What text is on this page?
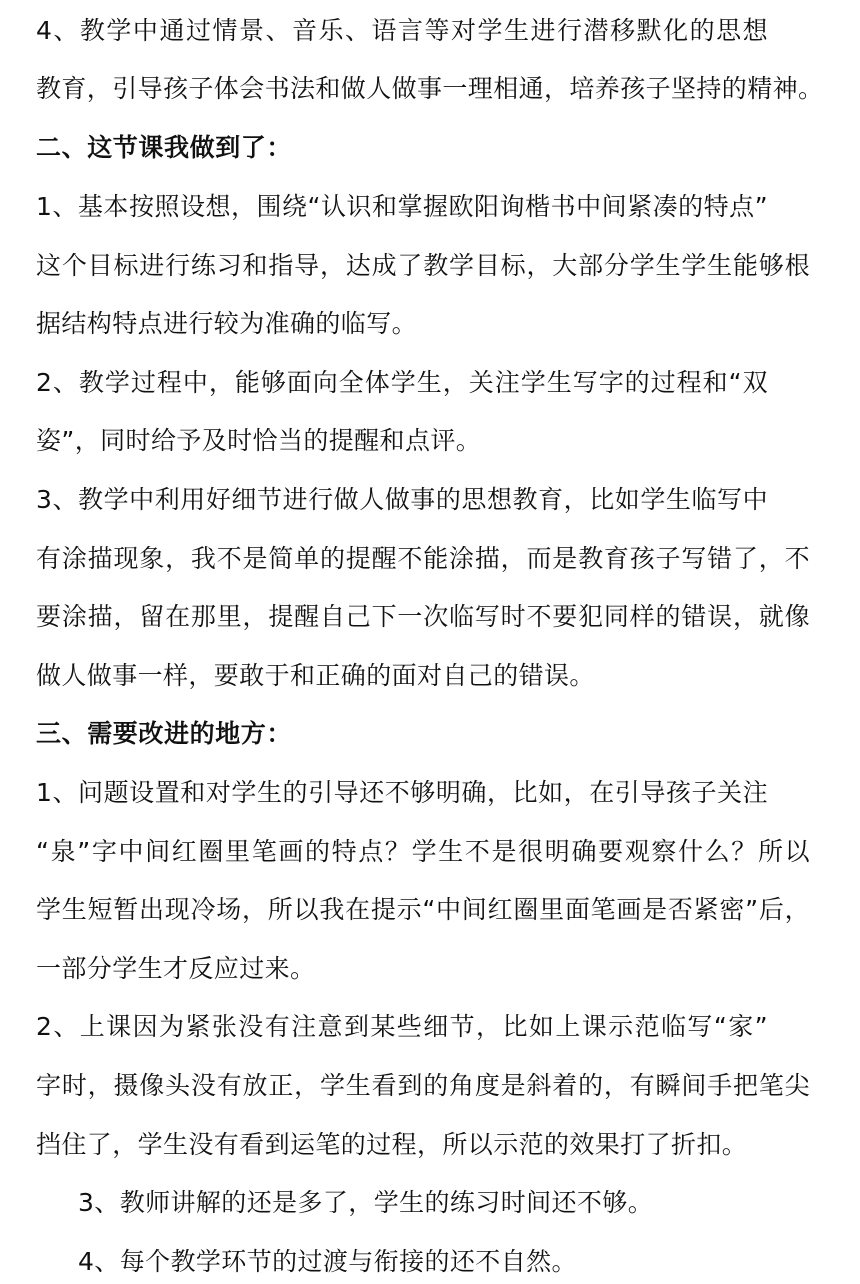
4、教学中通过情景、音乐、语言等对学生进行潜移默化的思想
教育，引导孩子体会书法和做人做事一理相通，培养孩子坚持的精神。
二、这节课我做到了：
1、基本按照设想，围绕“认识和掌握欧阳询楷书中间紧凑的特点”
这个目标进行练习和指导，达成了教学目标，大部分学生学生能够根
据结构特点进行较为准确的临写。
2、教学过程中，能够面向全体学生，关注学生写字的过程和“双
姿”，同时给予及时恰当的提醒和点评。
3、教学中利用好细节进行做人做事的思想教育，比如学生临写中
有涂描现象，我不是简单的提醒不能涂描，而是教育孩子写错了，不
要涂描，留在那里，提醒自己下一次临写时不要犯同样的错误，就像
做人做事一样，要敢于和正确的面对自己的错误。
三、需要改进的地方：
1、问题设置和对学生的引导还不够明确，比如，在引导孩子关注
“泉”字中间红圈里笔画的特点？学生不是很明确要观察什么？所以
学生短暂出现冷场，所以我在提示“中间红圈里面笔画是否紧密”后，
一部分学生才反应过来。
2、上课因为紧张没有注意到某些细节，比如上课示范临写“家”
字时，摄像头没有放正，学生看到的角度是斜着的，有瞬间手把笔尖
挡住了，学生没有看到运笔的过程，所以示范的效果打了折扣。
3、教师讲解的还是多了，学生的练习时间还不够。
4、每个教学环节的过渡与衔接的还不自然。
